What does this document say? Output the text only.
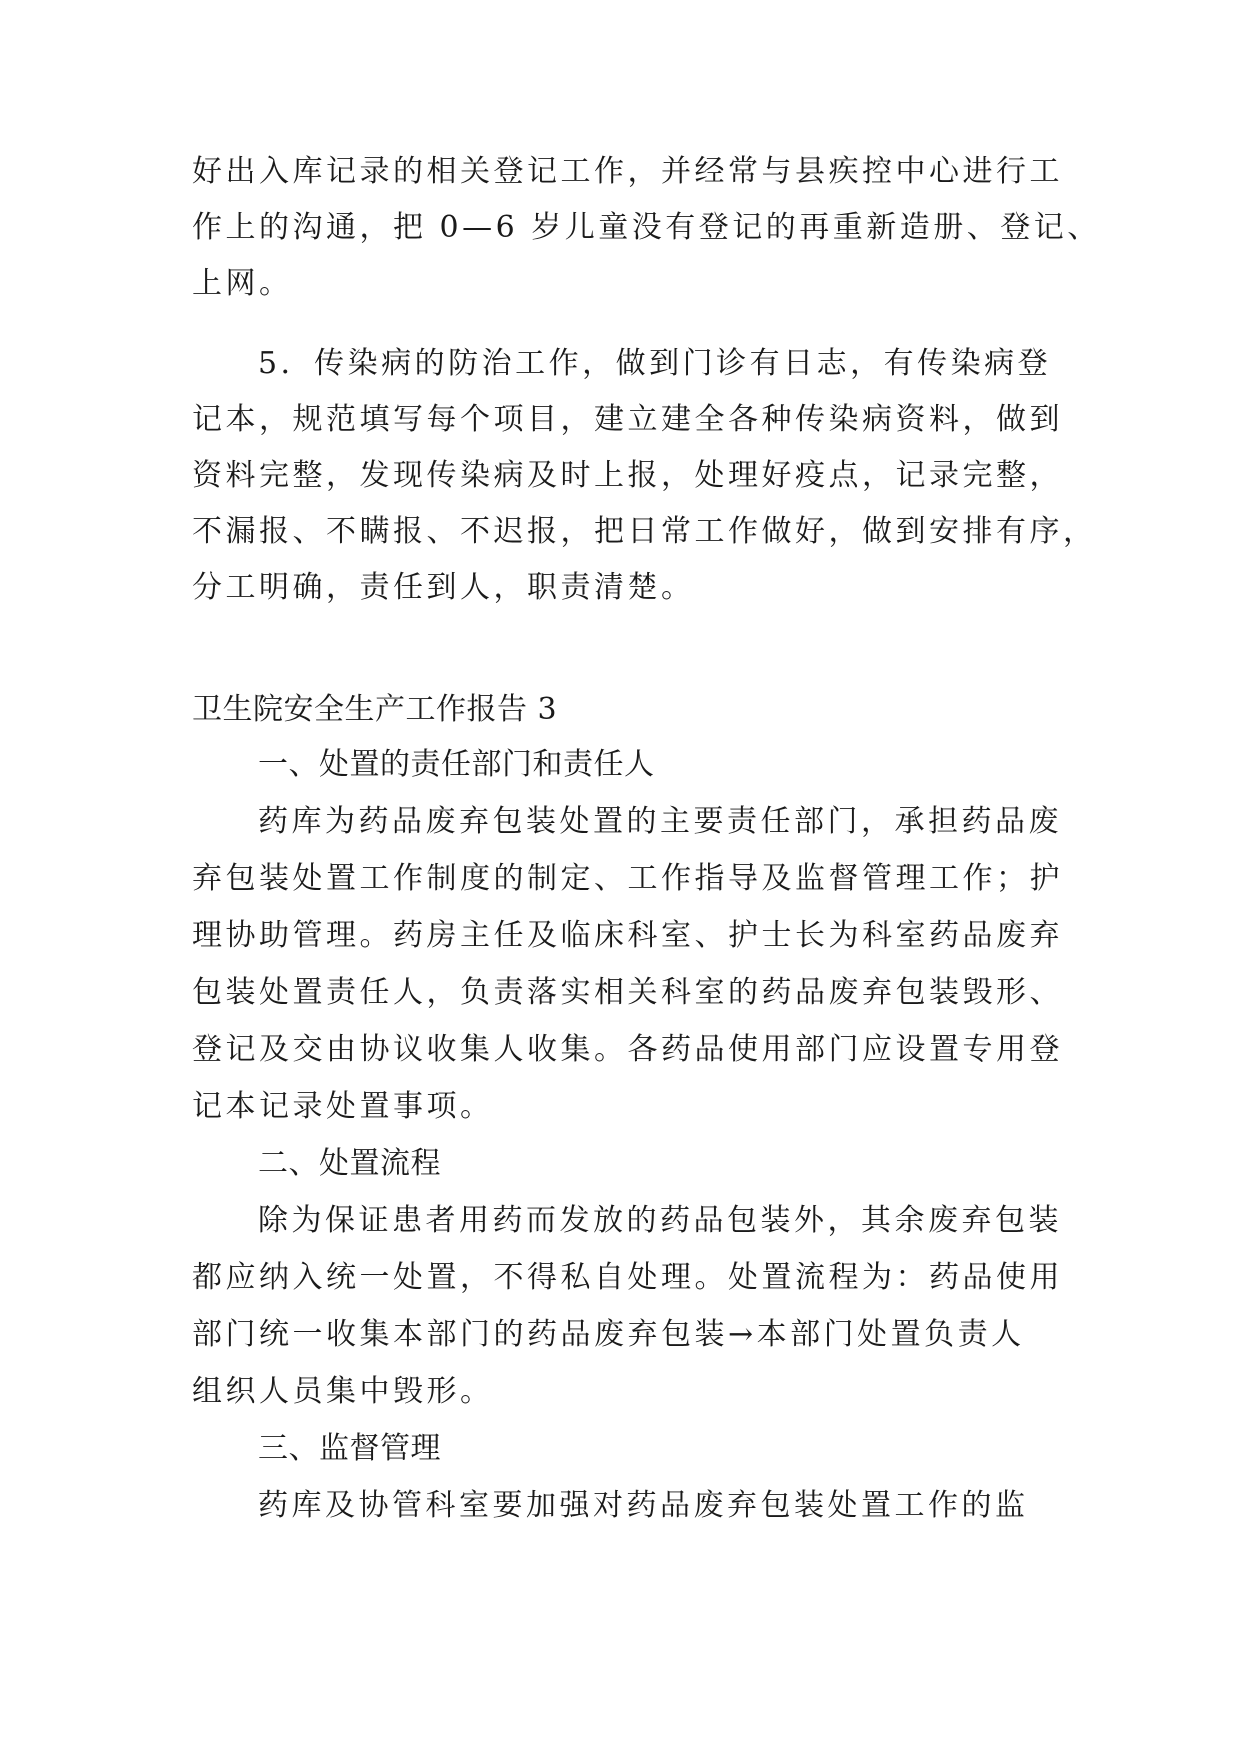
好出入库记录的相关登记工作，并经常与县疾控中心进行工
作上的沟通，把 0—6 岁儿童没有登记的再重新造册、登记、
上网。
5．传染病的防治工作，做到门诊有日志，有传染病登
记本，规范填写每个项目，建立建全各种传染病资料，做到
资料完整，发现传染病及时上报，处理好疫点，记录完整，
不漏报、不瞒报、不迟报，把日常工作做好，做到安排有序，
分工明确，责任到人，职责清楚。
卫生院安全生产工作报告 3
一、处置的责任部门和责任人
药库为药品废弃包装处置的主要责任部门，承担药品废
弃包装处置工作制度的制定、工作指导及监督管理工作；护
理协助管理。药房主任及临床科室、护士长为科室药品废弃
包装处置责任人，负责落实相关科室的药品废弃包装毁形、
登记及交由协议收集人收集。各药品使用部门应设置专用登
记本记录处置事项。
二、处置流程
除为保证患者用药而发放的药品包装外，其余废弃包装
都应纳入统一处置，不得私自处理。处置流程为：药品使用
部门统一收集本部门的药品废弃包装→本部门处置负责人
组织人员集中毁形。
三、监督管理
药库及协管科室要加强对药品废弃包装处置工作的监
